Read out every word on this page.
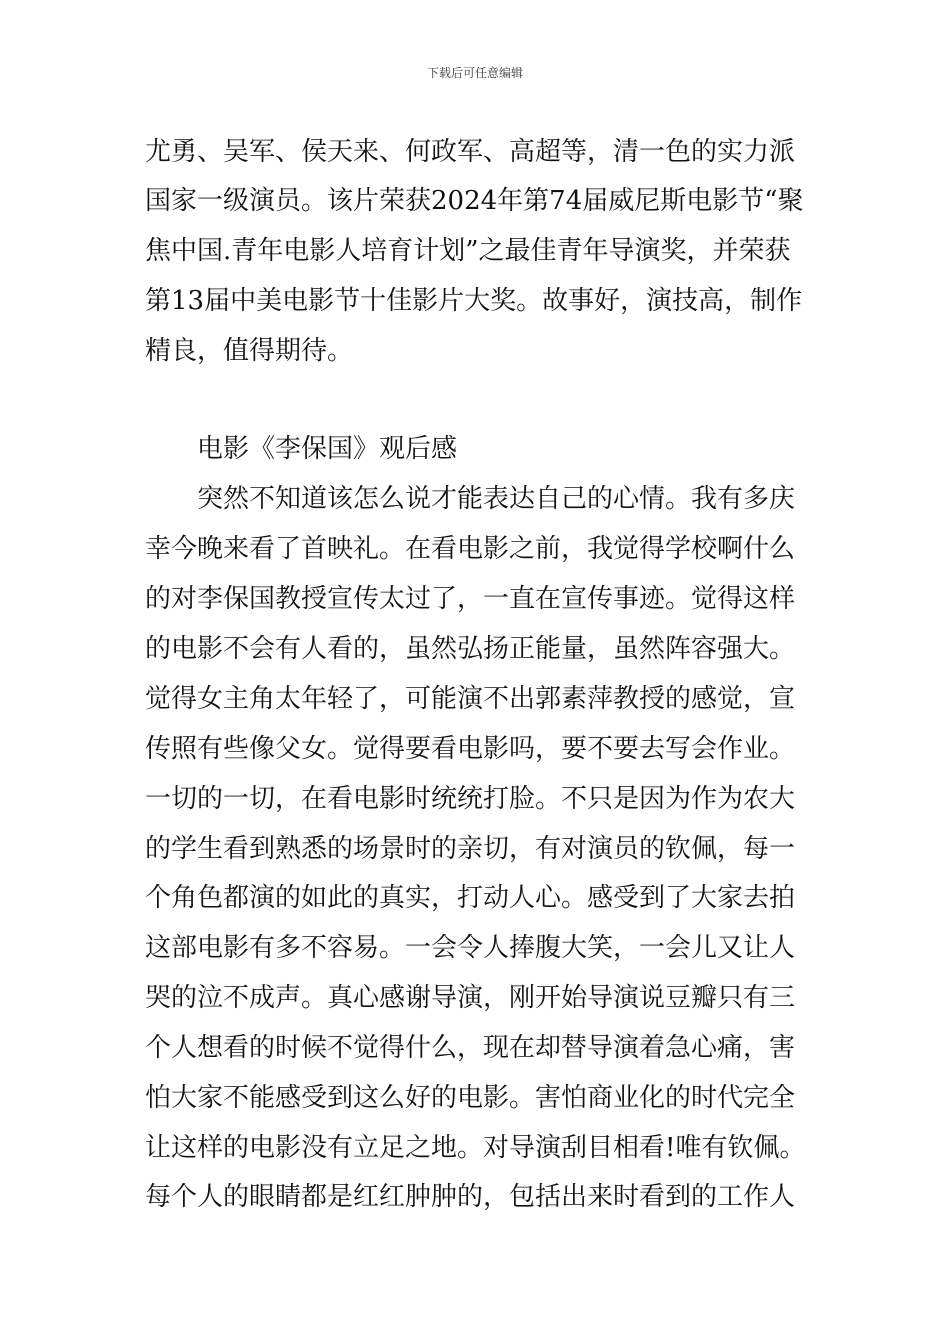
下载后可任意编辑
尤勇、吴军、侯天来、何政军、高超等，清一色的实力派
国家一级演员。该片荣获2024年第74届威尼斯电影节“聚
焦中国.青年电影人培育计划”之最佳青年导演奖，并荣获
第13届中美电影节十佳影片大奖。故事好，演技高，制作
精良，值得期待。
电影《李保国》观后感
突然不知道该怎么说才能表达自己的心情。我有多庆
幸今晚来看了首映礼。在看电影之前，我觉得学校啊什么
的对李保国教授宣传太过了，一直在宣传事迹。觉得这样
的电影不会有人看的，虽然弘扬正能量，虽然阵容强大。
觉得女主角太年轻了，可能演不出郭素萍教授的感觉，宣
传照有些像父女。觉得要看电影吗，要不要去写会作业。
一切的一切，在看电影时统统打脸。不只是因为作为农大
的学生看到熟悉的场景时的亲切，有对演员的钦佩，每一
个角色都演的如此的真实，打动人心。感受到了大家去拍
这部电影有多不容易。一会令人捧腹大笑，一会儿又让人
哭的泣不成声。真心感谢导演，刚开始导演说豆瓣只有三
个人想看的时候不觉得什么，现在却替导演着急心痛，害
怕大家不能感受到这么好的电影。害怕商业化的时代完全
让这样的电影没有立足之地。对导演刮目相看!唯有钦佩。
每个人的眼睛都是红红肿肿的，包括出来时看到的工作人
